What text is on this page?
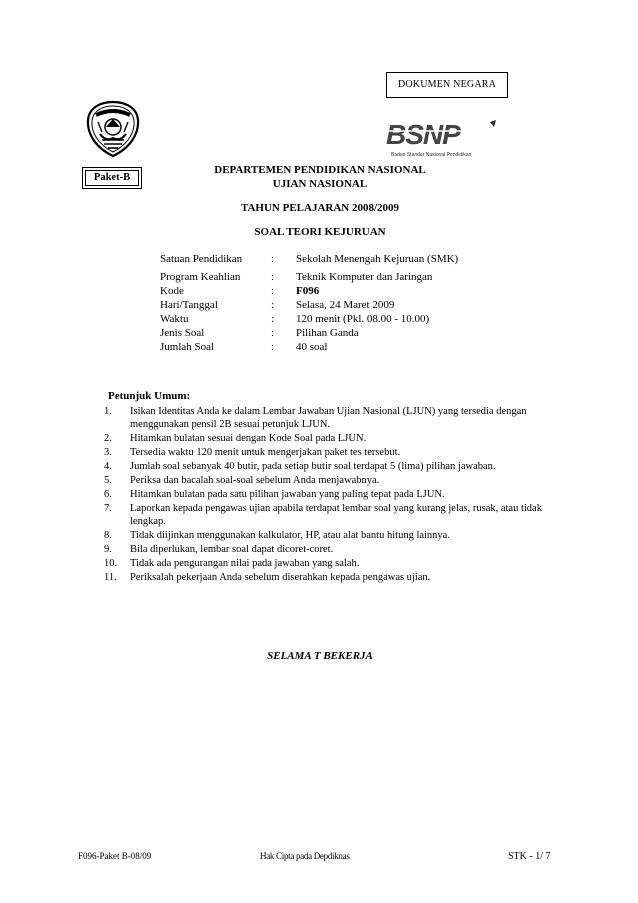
DOKUMEN NEGARA
BSNP
Badan Standar Nasional Pendidikan
Paket-B
DEPARTEMEN PENDIDIKAN NASIONAL
UJIAN NASIONAL
TAHUN PELAJARAN 2008/2009
SOAL TEORI KEJURUAN
Satuan Pendidikan	: Sekolah Menengah Kejuruan (SMK)
Program Keahlian	: Teknik Komputer dan Jaringan
Kode	: F096
Hari/Tanggal	: Selasa, 24 Maret 2009
Waktu	: 120 menit (Pkl. 08.00 - 10.00)
Jenis Soal	: Pilihan Ganda
Jumlah Soal	: 40 soal
Petunjuk Umum:
1. Isikan Identitas Anda ke dalam Lembar Jawaban Ujian Nasional (LJUN) yang tersedia dengan menggunakan pensil 2B sesuai petunjuk LJUN.
2. Hitamkan bulatan sesuai dengan Kode Soal pada LJUN.
3. Tersedia waktu 120 menit untuk mengerjakan paket tes tersebut.
4. Jumlah soal sebanyak 40 butir, pada setiap butir soal terdapat 5 (lima) pilihan jawaban.
5. Periksa dan bacalah soal-soal sebelum Anda menjawabnya.
6. Hitamkan bulatan pada satu pilihan jawaban yang paling tepat pada LJUN.
7. Laporkan kepada pengawas ujian apabila terdapat lembar soal yang kurang jelas, rusak, atau tidak lengkap.
8. Tidak diijinkan menggunakan kalkulator, HP, atau alat bantu hitung lainnya.
9. Bila diperlukan, lembar soal dapat dicoret-coret.
10. Tidak ada pengurangan nilai pada jawaban yang salah.
11. Periksalah pekerjaan Anda sebelum diserahkan kepada pengawas ujian.
SELAMA T BEKERJA
F096-Paket B-08/09	Hak Cipta pada Depdiknas	STK - 1/ 7
